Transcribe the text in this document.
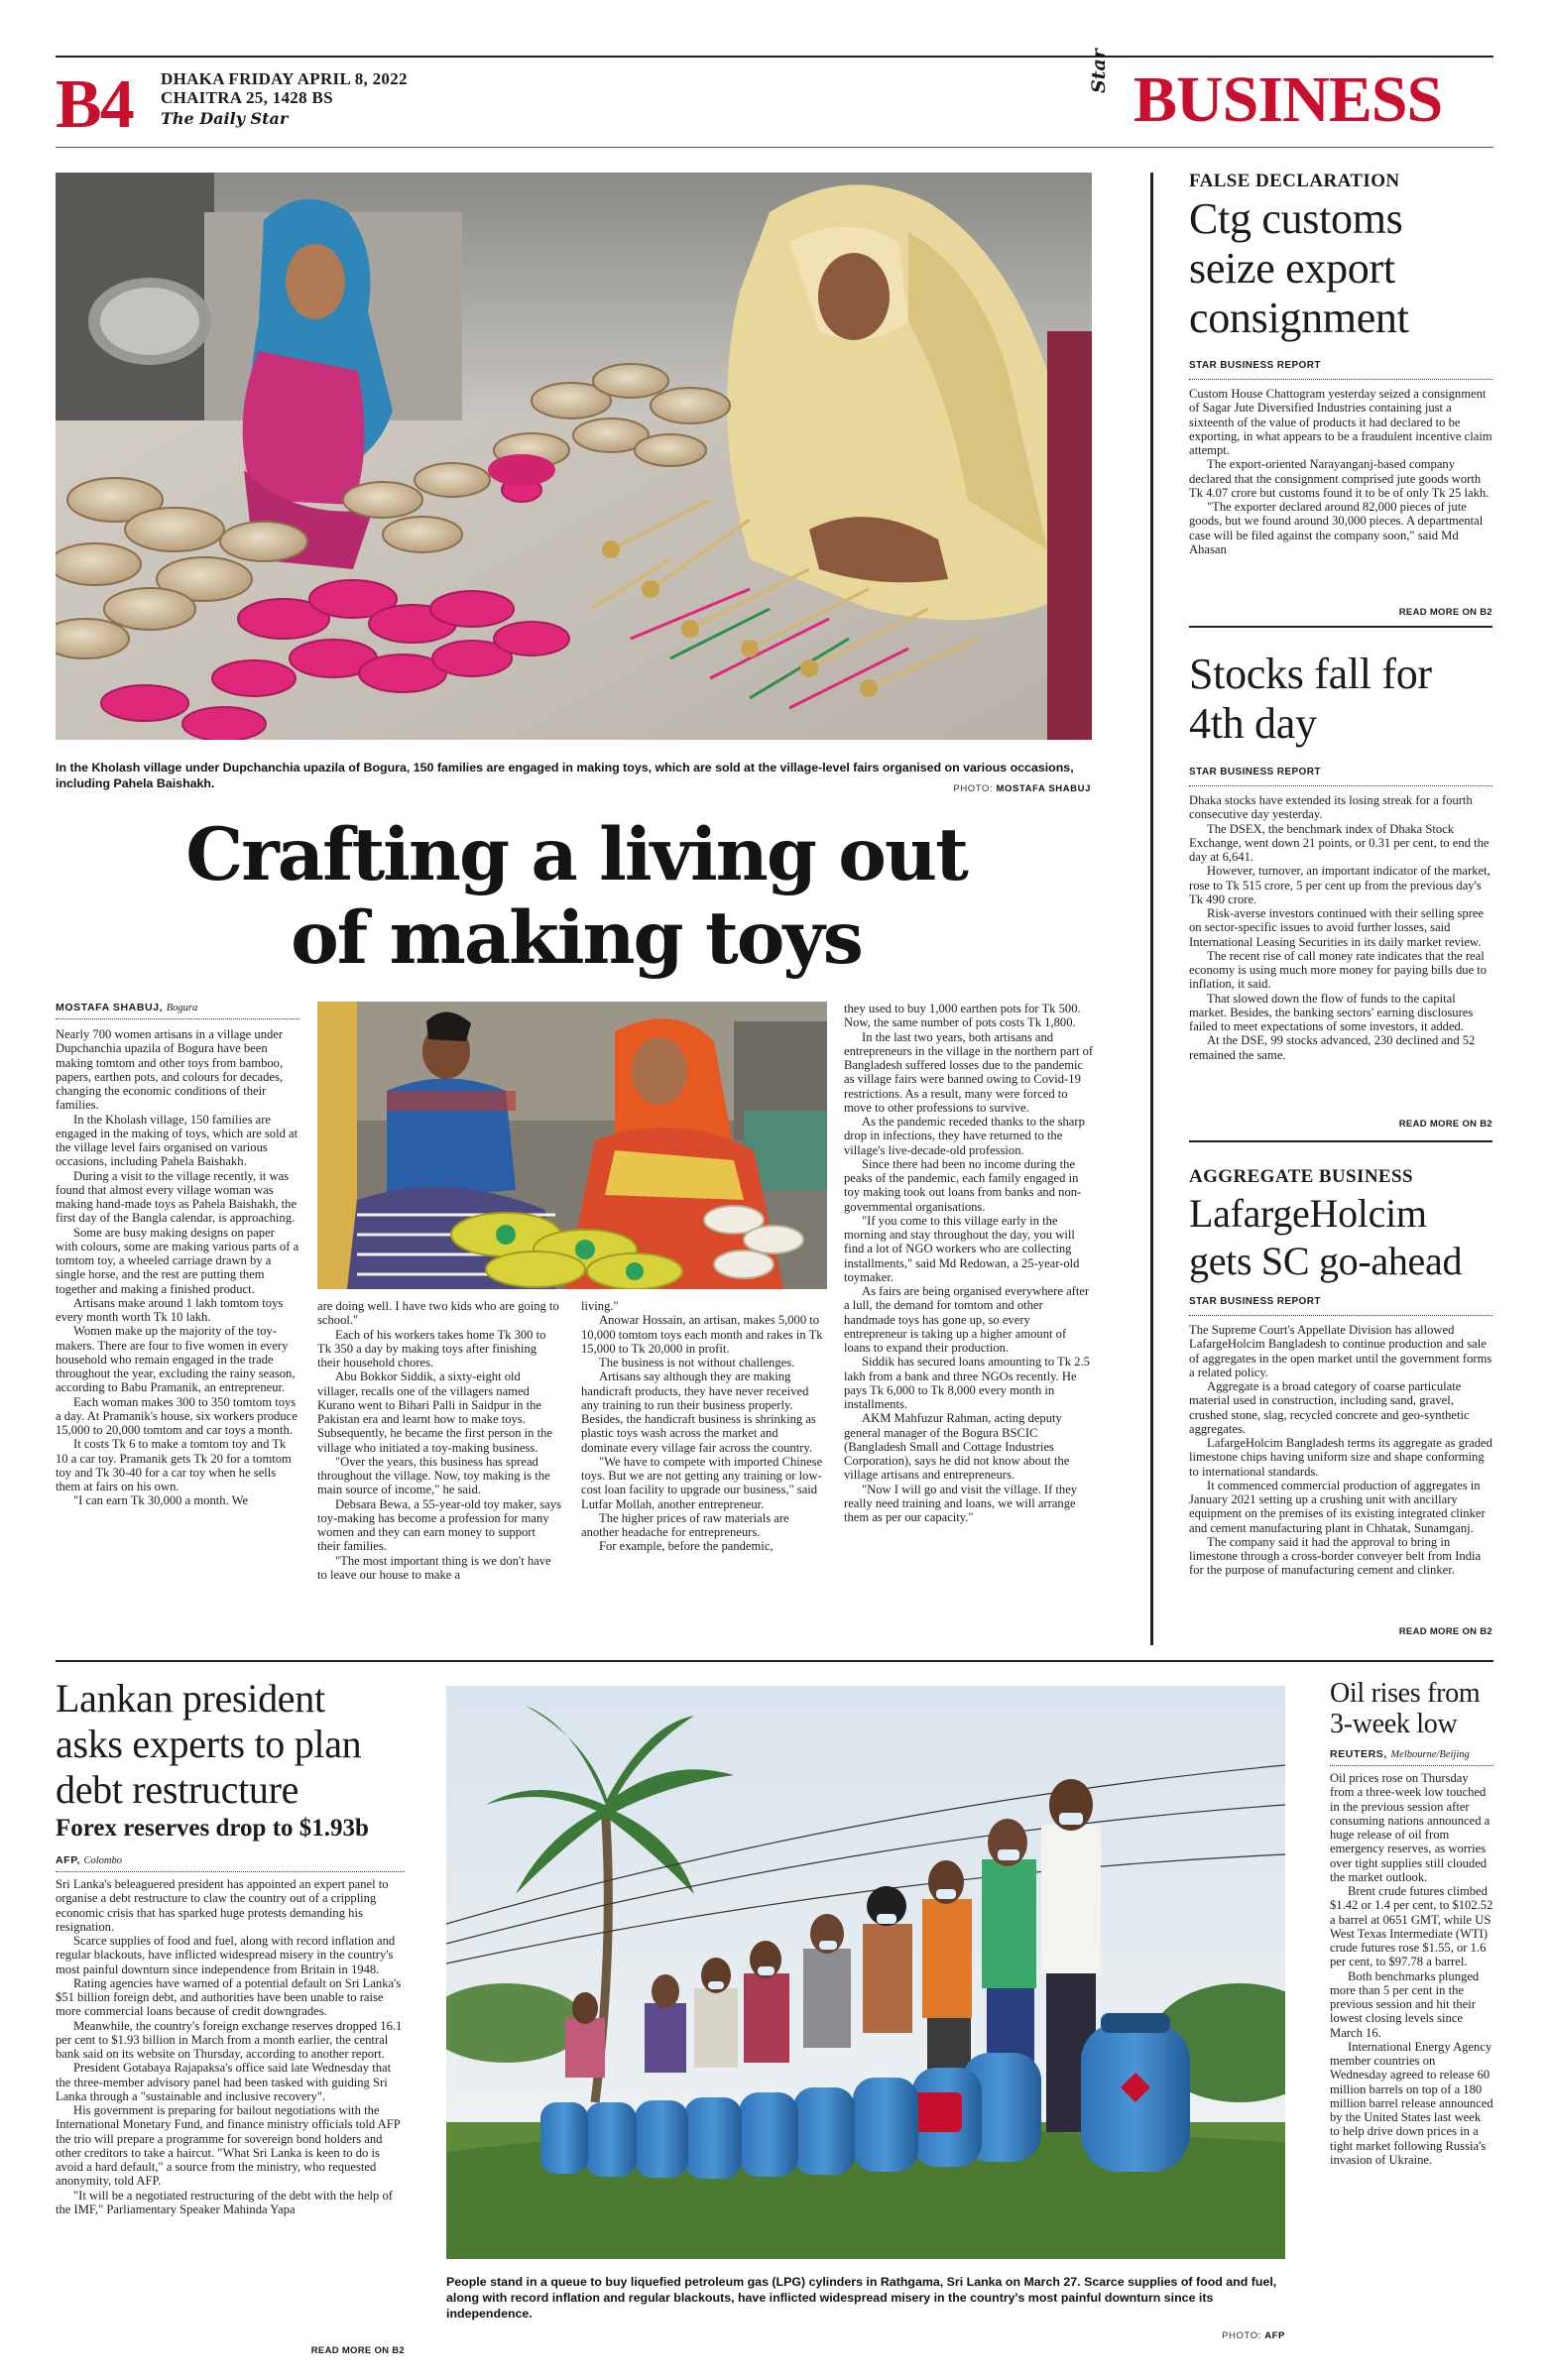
B4 DHAKA FRIDAY APRIL 8, 2022
CHAITRA 25, 1428 BS
The Daily Star
Star BUSINESS
In the Kholash village under Dupchanchia upazila of Bogura, 150 families are engaged in making toys, which are sold at the village-level fairs organised on various occasions, including Pahela Baishakh.	PHOTO: MOSTAFA SHABUJ
Crafting a living out
of making toys
MOSTAFA SHABUJ, Bogura

Nearly 700 women artisans in a village under Dupchanchia upazila of Bogura have been making tomtom and other toys from bamboo, papers, earthen pots, and colours for decades, changing the economic conditions of their families.

In the Kholash village, 150 families are engaged in the making of toys, which are sold at the village level fairs organised on various occasions, including Pahela Baishakh.

During a visit to the village recently, it was found that almost every village woman was making hand-made toys as Pahela Baishakh, the first day of the Bangla calendar, is approaching.

Some are busy making designs on paper with colours, some are making various parts of a tomtom toy, a wheeled carriage drawn by a single horse, and the rest are putting them together and making a finished product.

Artisans make around 1 lakh tomtom toys every month worth Tk 10 lakh.

Women make up the majority of the toy-makers. There are four to five women in every household who remain engaged in the trade throughout the year, excluding the rainy season, according to Babu Pramanik, an entrepreneur.

Each woman makes 300 to 350 tomtom toys a day. At Pramanik's house, six workers produce 15,000 to 20,000 tomtom and car toys a month.

It costs Tk 6 to make a tomtom toy and Tk 10 a car toy. Pramanik gets Tk 20 for a tomtom toy and Tk 30-40 for a car toy when he sells them at fairs on his own.

"I can earn Tk 30,000 a month. We

are doing well. I have two kids who are going to school."

Each of his workers takes home Tk 300 to Tk 350 a day by making toys after finishing their household chores.

Abu Bokkor Siddik, a sixty-eight old villager, recalls one of the villagers named Kurano went to Bihari Palli in Saidpur in the Pakistan era and learnt how to make toys. Subsequently, he became the first person in the village who initiated a toy-making business.

"Over the years, this business has spread throughout the village. Now, toy making is the main source of income," he said.

Debsara Bewa, a 55-year-old toy maker, says toy-making has become a profession for many women and they can earn money to support their families.

"The most important thing is we don't have to leave our house to make a

living."

Anowar Hossain, an artisan, makes 5,000 to 10,000 tomtom toys each month and rakes in Tk 15,000 to Tk 20,000 in profit.

The business is not without challenges.

Artisans say although they are making handicraft products, they have never received any training to run their business properly. Besides, the handicraft business is shrinking as plastic toys wash across the market and dominate every village fair across the country.

"We have to compete with imported Chinese toys. But we are not getting any training or low-cost loan facility to upgrade our business," said Lutfar Mollah, another entrepreneur.

The higher prices of raw materials are another headache for entrepreneurs.

For example, before the pandemic,

they used to buy 1,000 earthen pots for Tk 500. Now, the same number of pots costs Tk 1,800.

In the last two years, both artisans and entrepreneurs in the village in the northern part of Bangladesh suffered losses due to the pandemic as village fairs were banned owing to Covid-19 restrictions. As a result, many were forced to move to other professions to survive.

As the pandemic receded thanks to the sharp drop in infections, they have returned to the village's live-decade-old profession.

Since there had been no income during the peaks of the pandemic, each family engaged in toy making took out loans from banks and non-governmental organisations.

"If you come to this village early in the morning and stay throughout the day, you will find a lot of NGO workers who are collecting installments," said Md Redowan, a 25-year-old toymaker.

As fairs are being organised everywhere after a lull, the demand for tomtom and other handmade toys has gone up, so every entrepreneur is taking up a higher amount of loans to expand their production.

Siddik has secured loans amounting to Tk 2.5 lakh from a bank and three NGOs recently. He pays Tk 6,000 to Tk 8,000 every month in installments.

AKM Mahfuzur Rahman, acting deputy general manager of the Bogura BSCIC (Bangladesh Small and Cottage Industries Corporation), says he did not know about the village artisans and entrepreneurs.

"Now I will go and visit the village. If they really need training and loans, we will arrange them as per our capacity."

FALSE DECLARATION
Ctg customs
seize export
consignment
STAR BUSINESS REPORT

Custom House Chattogram yesterday seized a consignment of Sagar Jute Diversified Industries containing just a sixteenth of the value of products it had declared to be exporting, in what appears to be a fraudulent incentive claim attempt.

The export-oriented Narayanganj-based company declared that the consignment comprised jute goods worth Tk 4.07 crore but customs found it to be of only Tk 25 lakh.

"The exporter declared around 82,000 pieces of jute goods, but we found around 30,000 pieces. A departmental case will be filed against the company soon," said Md Ahasan

READ MORE ON B2
Stocks fall for
4th day
STAR BUSINESS REPORT

Dhaka stocks have extended its losing streak for a fourth consecutive day yesterday.

The DSEX, the benchmark index of Dhaka Stock Exchange, went down 21 points, or 0.31 per cent, to end the day at 6,641.

However, turnover, an important indicator of the market, rose to Tk 515 crore, 5 per cent up from the previous day's Tk 490 crore.

Risk-averse investors continued with their selling spree on sector-specific issues to avoid further losses, said International Leasing Securities in its daily market review.

The recent rise of call money rate indicates that the real economy is using much more money for paying bills due to inflation, it said.

That slowed down the flow of funds to the capital market. Besides, the banking sectors' earning disclosures failed to meet expectations of some investors, it added.

At the DSE, 99 stocks advanced, 230 declined and 52 remained the same.

READ MORE ON B2
AGGREGATE BUSINESS
LafargeHolcim
gets SC go-ahead
STAR BUSINESS REPORT

The Supreme Court's Appellate Division has allowed LafargeHolcim Bangladesh to continue production and sale of aggregates in the open market until the government forms a related policy.

Aggregate is a broad category of coarse particulate material used in construction, including sand, gravel, crushed stone, slag, recycled concrete and geo-synthetic aggregates.

LafargeHolcim Bangladesh terms its aggregate as graded limestone chips having uniform size and shape conforming to international standards.

It commenced commercial production of aggregates in January 2021 setting up a crushing unit with ancillary equipment on the premises of its existing integrated clinker and cement manufacturing plant in Chhatak, Sunamganj.

The company said it had the approval to bring in limestone through a cross-border conveyer belt from India for the purpose of manufacturing cement and clinker.

READ MORE ON B2
Lankan president
asks experts to plan
debt restructure
Forex reserves drop to $1.93b
AFP, Colombo

Sri Lanka's beleaguered president has appointed an expert panel to organise a debt restructure to claw the country out of a crippling economic crisis that has sparked huge protests demanding his resignation.

Scarce supplies of food and fuel, along with record inflation and regular blackouts, have inflicted widespread misery in the country's most painful downturn since independence from Britain in 1948.

Rating agencies have warned of a potential default on Sri Lanka's $51 billion foreign debt, and authorities have been unable to raise more commercial loans because of credit downgrades.

Meanwhile, the country's foreign exchange reserves dropped 16.1 per cent to $1.93 billion in March from a month earlier, the central bank said on its website on Thursday, according to another report.

President Gotabaya Rajapaksa's office said late Wednesday that the three-member advisory panel had been tasked with guiding Sri Lanka through a "sustainable and inclusive recovery".

His government is preparing for bailout negotiations with the International Monetary Fund, and finance ministry officials told AFP the trio will prepare a programme for sovereign bond holders and other creditors to take a haircut. "What Sri Lanka is keen to do is avoid a hard default," a source from the ministry, who requested anonymity, told AFP.

"It will be a negotiated restructuring of the debt with the help of the IMF," Parliamentary Speaker Mahinda Yapa

READ MORE ON B2
People stand in a queue to buy liquefied petroleum gas (LPG) cylinders in Rathgama, Sri Lanka on March 27. Scarce supplies of food and fuel, along with record inflation and regular blackouts, have inflicted widespread misery in the country's most painful downturn since its independence.
PHOTO: AFP
Oil rises from
3-week low
REUTERS, Melbourne/Beijing

Oil prices rose on Thursday from a three-week low touched in the previous session after consuming nations announced a huge release of oil from emergency reserves, as worries over tight supplies still clouded the market outlook.

Brent crude futures climbed $1.42 or 1.4 per cent, to $102.52 a barrel at 0651 GMT, while US West Texas Intermediate (WTI) crude futures rose $1.55, or 1.6 per cent, to $97.78 a barrel.

Both benchmarks plunged more than 5 per cent in the previous session and hit their lowest closing levels since March 16.

International Energy Agency member countries on Wednesday agreed to release 60 million barrels on top of a 180 million barrel release announced by the United States last week to help drive down prices in a tight market following Russia's invasion of Ukraine.
